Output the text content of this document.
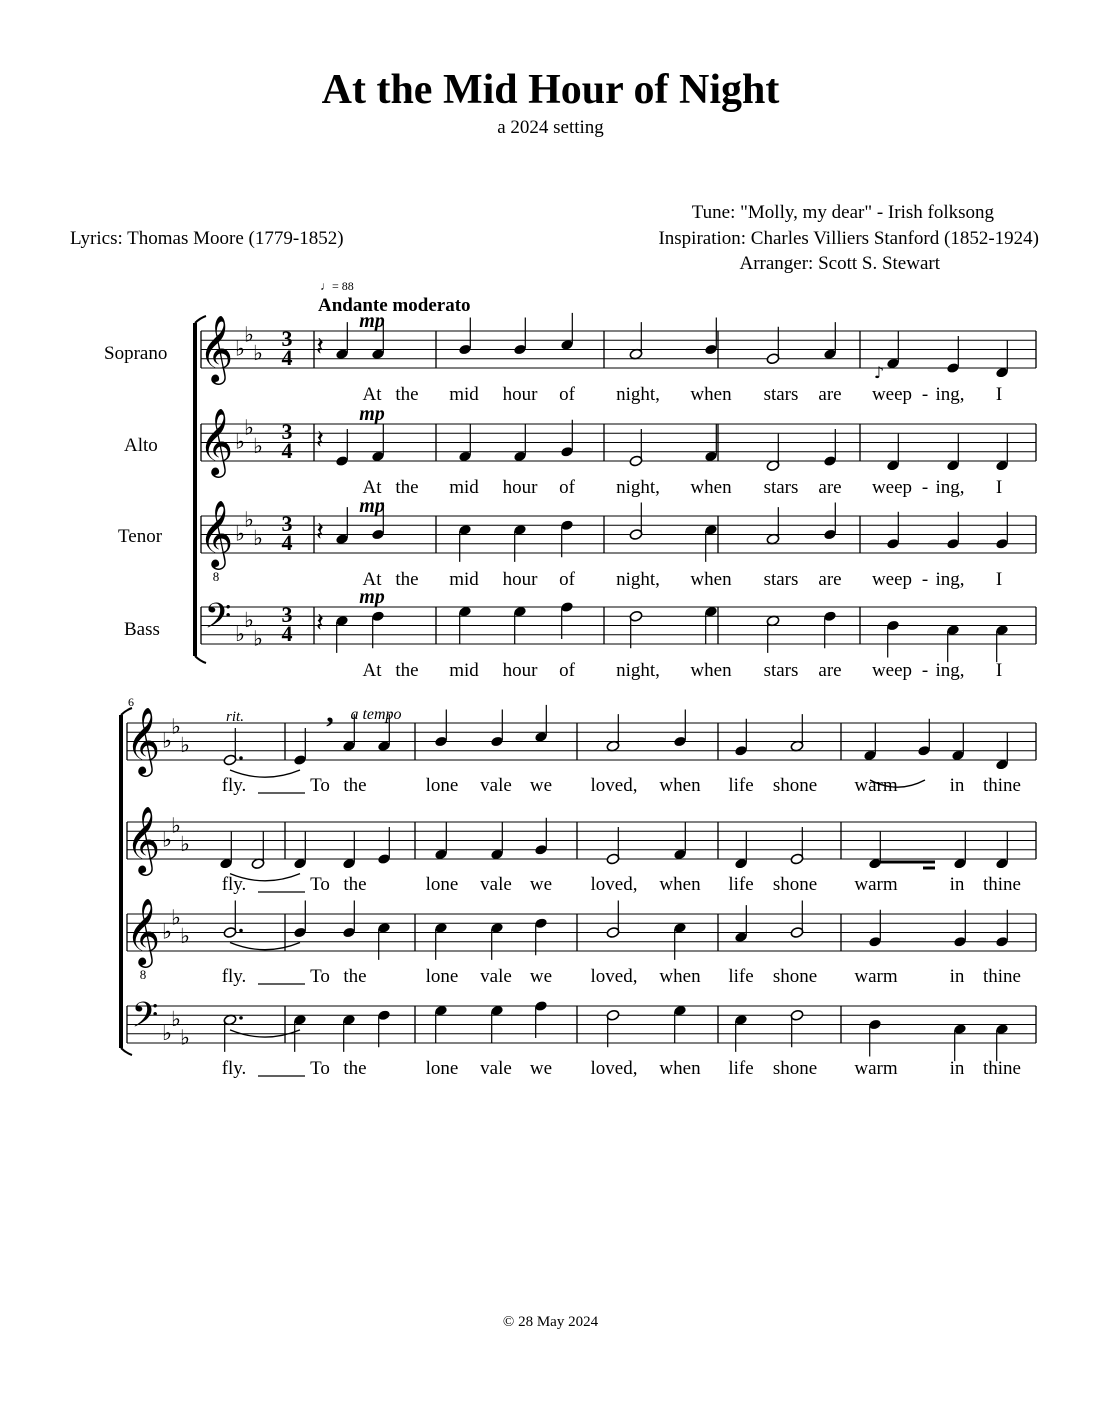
At the Mid Hour of Night
a 2024 setting
Lyrics: Thomas Moore (1779-1852)
Tune: "Molly, my dear" - Irish folksong
Inspiration: Charles Villiers Stanford (1852-1924)
Arranger: Scott S. Stewart
♩= 88
Andante moderato
Soprano
Alto
Tenor
Bass
© 28 May 2024
𝄞 ♭
♭
♭
3
4 𝄽
mp
At the mid hour of night, when stars are weep - ing, I
𝄞 ♭
♭
♭
3
4 𝄽
mp
At the mid hour of night, when stars are weep - ing, I
𝄞
8
♭
♭
♭
3
4 𝄽
mp
At the mid hour of night, when stars are weep - ing, I
𝄢 ♭
♭
♭
3
4 𝄽
mp
At the mid hour of night, when stars are weep - ing, I
♪
𝄞 ♭
♭
♭
fly.	To the	lone vale we loved, when life shone warm	in thine
𝄞 ♭
♭
♭
fly.	To the	lone vale we loved, when life shone warm	in thine
𝄞
8
♭
♭
♭
fly.	To the	lone vale we loved, when life shone warm	in thine
𝄢 ♭
♭
♭
fly.	To the	lone vale we loved, when life shone warm	in thine
rit.	a tempo
,
6
